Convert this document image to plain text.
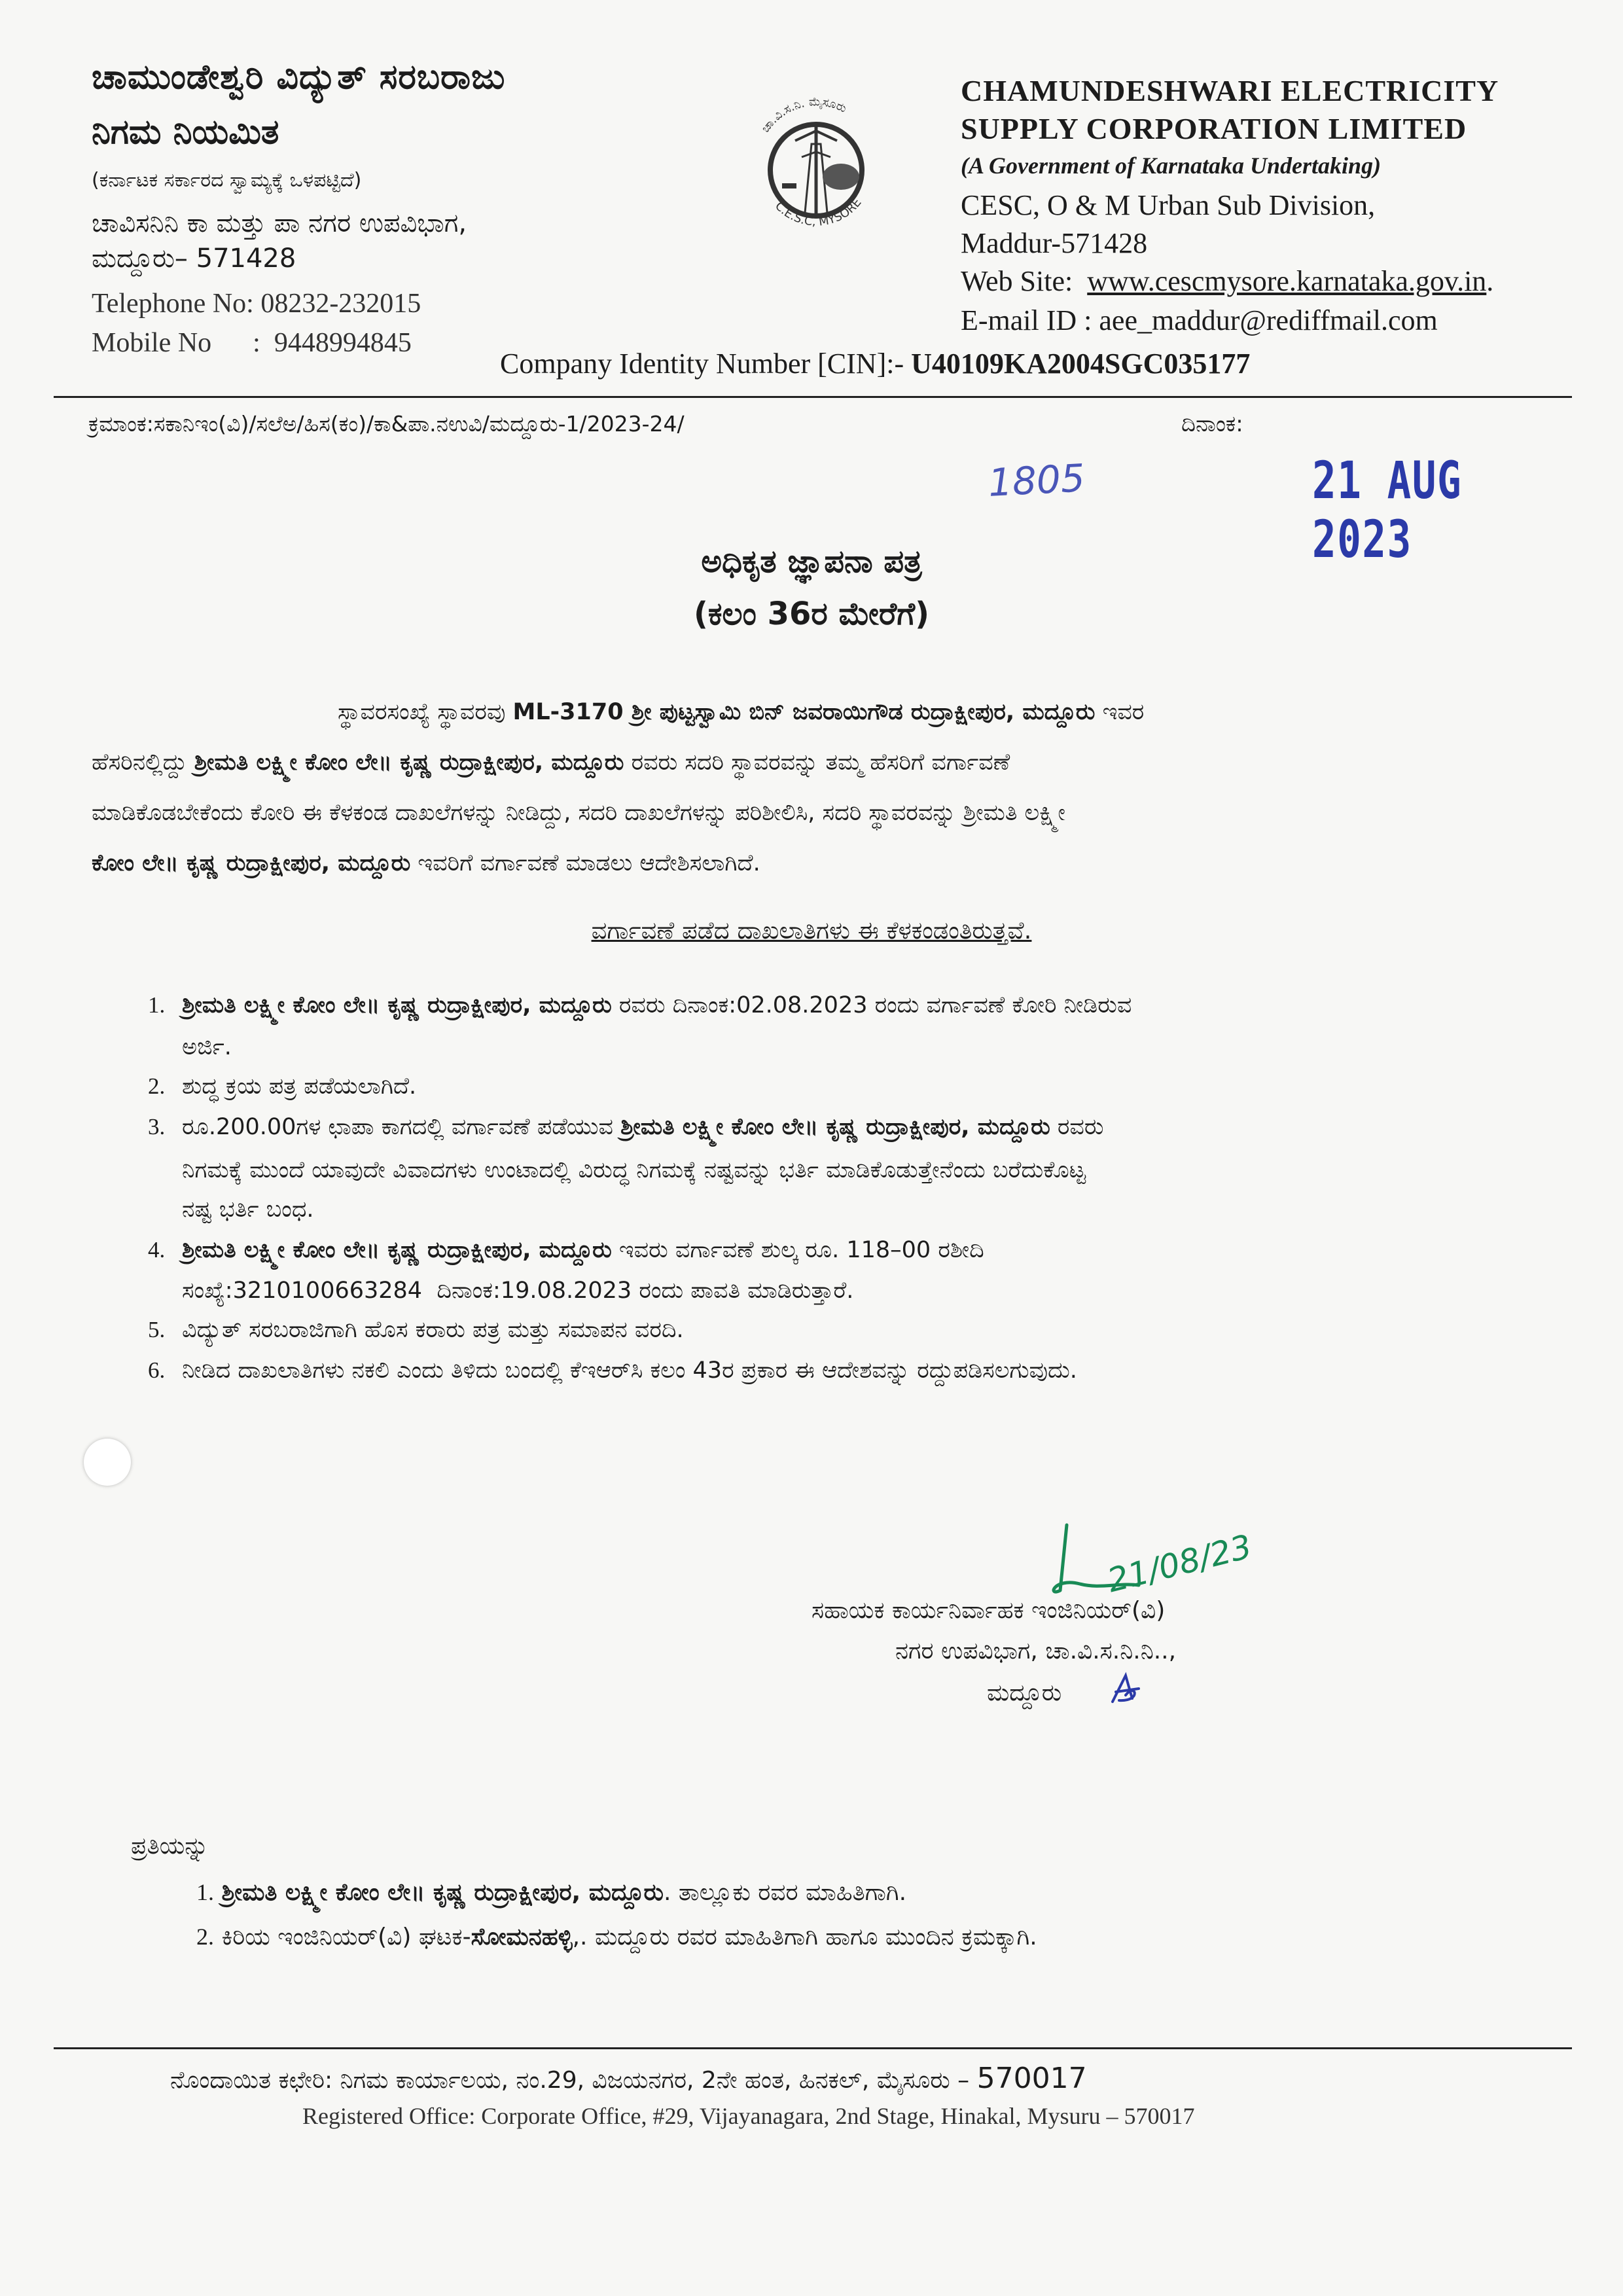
ಚಾಮುಂಡೇಶ್ವರಿ ವಿದ್ಯುತ್ ಸರಬರಾಜು
ನಿಗಮ ನಿಯಮಿತ
(ಕರ್ನಾಟಕ ಸರ್ಕಾರದ ಸ್ವಾಮ್ಯಕ್ಕೆ ಒಳಪಟ್ಟಿದೆ)
ಚಾವಿಸನಿನಿ ಕಾ ಮತ್ತು ಪಾ ನಗರ ಉಪವಿಭಾಗ,
ಮದ್ದೂರು– 571428
Telephone No: 08232-232015
Mobile No      :  9448994845
ಚಾ.ವಿ.ಸ.ನಿ. ಮೈಸೂರು
C.E.S.C, MYSORE
CHAMUNDESHWARI ELECTRICITY
SUPPLY CORPORATION LIMITED
(A Government of Karnataka Undertaking)
CESC, O & M Urban Sub Division,
Maddur-571428
Web Site:  www.cescmysore.karnataka.gov.in.
E-mail ID : aee_maddur@rediffmail.com
Company Identity Number [CIN]:- U40109KA2004SGC035177
ಕ್ರಮಾಂಕ:ಸಕಾನಿಇಂ(ವಿ)/ಸಲೆಅ/ಹಿಸ(ಕಂ)/ಕಾ&ಪಾ.ನಉವಿ/ಮದ್ದೂರು-1/2023-24/	ದಿನಾಂಕ:
1805	21 AUG 2023
ಅಧಿಕೃತ ಜ್ಞಾಪನಾ ಪತ್ರ
(ಕಲಂ 36ರ ಮೇರೆಗೆ)
ಸ್ಥಾವರಸಂಖ್ಯೆ ಸ್ಥಾವರವು ML-3170 ಶ್ರೀ ಪುಟ್ಟಸ್ವಾಮಿ ಬಿನ್ ಜವರಾಯಿಗೌಡ ರುದ್ರಾಕ್ಷೀಪುರ, ಮದ್ದೂರು ಇವರ
ಹೆಸರಿನಲ್ಲಿದ್ದು ಶ್ರೀಮತಿ ಲಕ್ಷ್ಮೀ ಕೋಂ ಲೇ॥ ಕೃಷ್ಣ ರುದ್ರಾಕ್ಷೀಪುರ, ಮದ್ದೂರು ರವರು ಸದರಿ ಸ್ಥಾವರವನ್ನು ತಮ್ಮ ಹೆಸರಿಗೆ ವರ್ಗಾವಣೆ
ಮಾಡಿಕೊಡಬೇಕೆಂದು ಕೋರಿ ಈ ಕೆಳಕಂಡ ದಾಖಲೆಗಳನ್ನು ನೀಡಿದ್ದು, ಸದರಿ ದಾಖಲೆಗಳನ್ನು ಪರಿಶೀಲಿಸಿ, ಸದರಿ ಸ್ಥಾವರವನ್ನು ಶ್ರೀಮತಿ ಲಕ್ಷ್ಮೀ
ಕೋಂ ಲೇ॥ ಕೃಷ್ಣ ರುದ್ರಾಕ್ಷೀಪುರ, ಮದ್ದೂರು ಇವರಿಗೆ ವರ್ಗಾವಣೆ ಮಾಡಲು ಆದೇಶಿಸಲಾಗಿದೆ.
ವರ್ಗಾವಣೆ ಪಡೆದ ದಾಖಲಾತಿಗಳು ಈ ಕೆಳಕಂಡಂತಿರುತ್ತವೆ.
1. ಶ್ರೀಮತಿ ಲಕ್ಷ್ಮೀ ಕೋಂ ಲೇ॥ ಕೃಷ್ಣ ರುದ್ರಾಕ್ಷೀಪುರ, ಮದ್ದೂರು ರವರು ದಿನಾಂಕ:02.08.2023 ರಂದು ವರ್ಗಾವಣೆ ಕೋರಿ ನೀಡಿರುವ
ಅರ್ಜಿ.
2. ಶುದ್ಧ ಕ್ರಯ ಪತ್ರ ಪಡೆಯಲಾಗಿದೆ.
3. ರೂ.200.00ಗಳ ಛಾಪಾ ಕಾಗದಲ್ಲಿ ವರ್ಗಾವಣೆ ಪಡೆಯುವ ಶ್ರೀಮತಿ ಲಕ್ಷ್ಮೀ ಕೋಂ ಲೇ॥ ಕೃಷ್ಣ ರುದ್ರಾಕ್ಷೀಪುರ, ಮದ್ದೂರು ರವರು
ನಿಗಮಕ್ಕೆ ಮುಂದೆ ಯಾವುದೇ ವಿವಾದಗಳು ಉಂಟಾದಲ್ಲಿ ವಿರುದ್ಧ ನಿಗಮಕ್ಕೆ ನಷ್ಟವನ್ನು ಭರ್ತಿ ಮಾಡಿಕೊಡುತ್ತೇನೆಂದು ಬರೆದುಕೊಟ್ಟ
ನಷ್ಟ ಭರ್ತಿ ಬಂಧ.
4. ಶ್ರೀಮತಿ ಲಕ್ಷ್ಮೀ ಕೋಂ ಲೇ॥ ಕೃಷ್ಣ ರುದ್ರಾಕ್ಷೀಪುರ, ಮದ್ದೂರು ಇವರು ವರ್ಗಾವಣೆ ಶುಲ್ಕ ರೂ. 118–00 ರಶೀದಿ
ಸಂಖ್ಯೆ:3210100663284  ದಿನಾಂಕ:19.08.2023 ರಂದು ಪಾವತಿ ಮಾಡಿರುತ್ತಾರೆ.
5. ವಿದ್ಯುತ್ ಸರಬರಾಜಿಗಾಗಿ ಹೊಸ ಕರಾರು ಪತ್ರ ಮತ್ತು ಸಮಾಪನ ವರದಿ.
6. ನೀಡಿದ ದಾಖಲಾತಿಗಳು ನಕಲಿ ಎಂದು ತಿಳಿದು ಬಂದಲ್ಲಿ ಕೆಇಆರ್‌ಸಿ ಕಲಂ 43ರ ಪ್ರಕಾರ ಈ ಆದೇಶವನ್ನು ರದ್ದುಪಡಿಸಲಗುವುದು.
21/08/23
ಸಹಾಯಕ ಕಾರ್ಯನಿರ್ವಾಹಕ ಇಂಜಿನಿಯರ್(ವಿ)
ನಗರ ಉಪವಿಭಾಗ, ಚಾ.ವಿ.ಸ.ನಿ.ನಿ..,
ಮದ್ದೂರು
ಪ್ರತಿಯನ್ನು
1. ಶ್ರೀಮತಿ ಲಕ್ಷ್ಮೀ ಕೋಂ ಲೇ॥ ಕೃಷ್ಣ ರುದ್ರಾಕ್ಷೀಪುರ, ಮದ್ದೂರು. ತಾಲ್ಲೂಕು ರವರ ಮಾಹಿತಿಗಾಗಿ.
2. ಕಿರಿಯ ಇಂಜಿನಿಯರ್(ವಿ) ಘಟಕ-ಸೋಮನಹಳ್ಳಿ,. ಮದ್ದೂರು ರವರ ಮಾಹಿತಿಗಾಗಿ ಹಾಗೂ ಮುಂದಿನ ಕ್ರಮಕ್ಕಾಗಿ.
ನೊಂದಾಯಿತ ಕಛೇರಿ: ನಿಗಮ ಕಾರ್ಯಾಲಯ, ನಂ.29, ವಿಜಯನಗರ, 2ನೇ ಹಂತ, ಹಿನಕಲ್, ಮೈಸೂರು – 570017
Registered Office: Corporate Office, #29, Vijayanagara, 2nd Stage, Hinakal, Mysuru – 570017
